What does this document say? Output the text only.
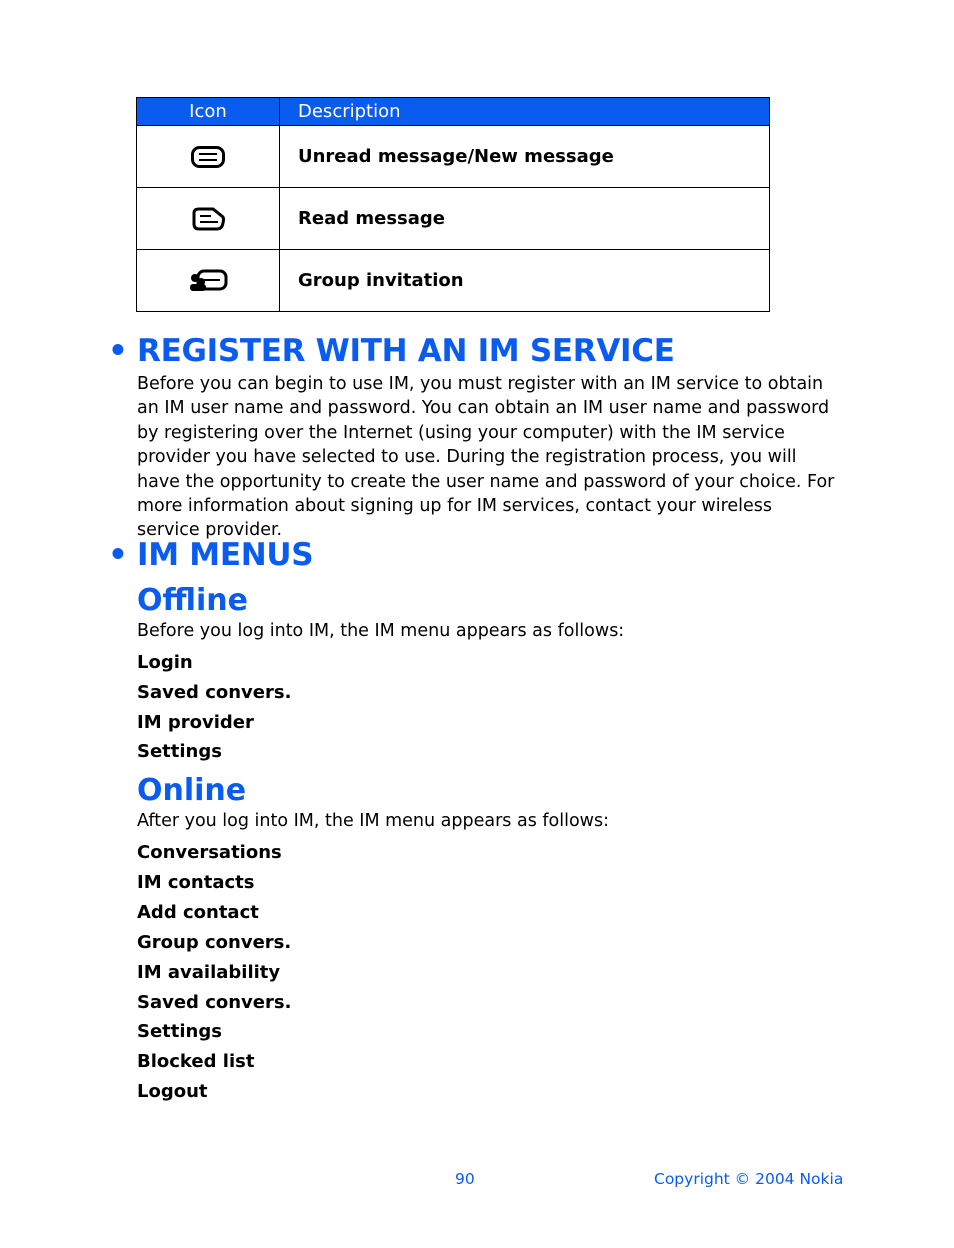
Icon	Description
Unread message/New message
Read message
Group invitation
• REGISTER WITH AN IM SERVICE
Before you can begin to use IM, you must register with an IM service to obtain an IM user name and password. You can obtain an IM user name and password by registering over the Internet (using your computer) with the IM service provider you have selected to use. During the registration process, you will have the opportunity to create the user name and password of your choice. For more information about signing up for IM services, contact your wireless service provider.
• IM MENUS
Offline
Before you log into IM, the IM menu appears as follows:
Login
Saved convers.
IM provider
Settings
Online
After you log into IM, the IM menu appears as follows:
Conversations
IM contacts
Add contact
Group convers.
IM availability
Saved convers.
Settings
Blocked list
Logout
90	Copyright © 2004 Nokia
